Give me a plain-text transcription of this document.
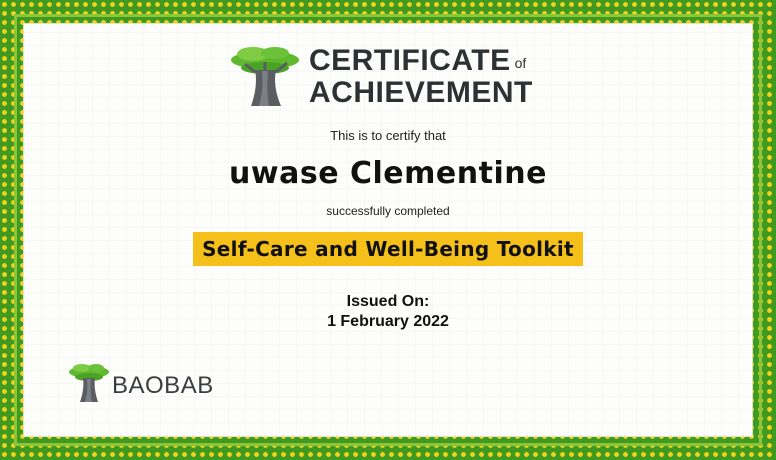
CERTIFICATE of
ACHIEVEMENT
This is to certify that
uwase Clementine
successfully completed
Self-Care and Well-Being Toolkit
Issued On:
1 February 2022
BAOBAB
